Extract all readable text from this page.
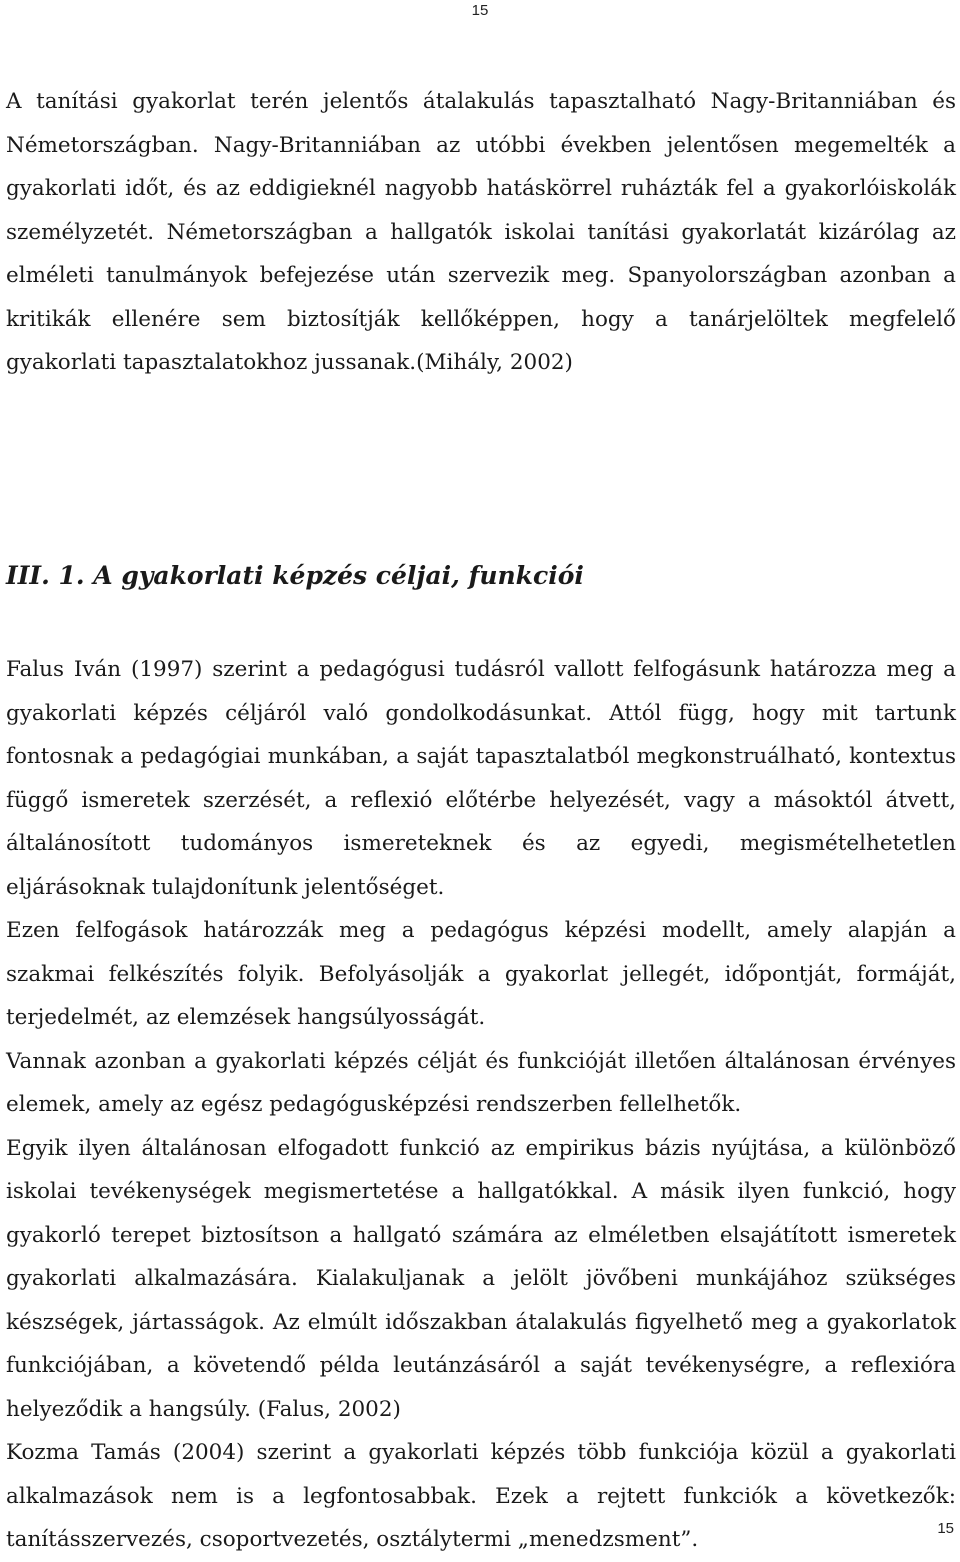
15

A tanítási gyakorlat terén jelentős átalakulás tapasztalható Nagy-Britanniában és Németországban. Nagy-Britanniában az utóbbi években jelentősen megemelték a gyakorlati időt, és az eddigieknél nagyobb hatáskörrel ruházták fel a gyakorlóiskolák személyzetét. Németországban a hallgatók iskolai tanítási gyakorlatát kizárólag az elméleti tanulmányok befejezése után szervezik meg. Spanyolországban azonban a kritikák ellenére sem biztosítják kellőképpen, hogy a tanárjelöltek megfelelő gyakorlati tapasztalatokhoz jussanak.(Mihály, 2002)

III. 1. A gyakorlati képzés céljai, funkciói

Falus Iván (1997) szerint a pedagógusi tudásról vallott felfogásunk határozza meg a gyakorlati képzés céljáról való gondolkodásunkat. Attól függ, hogy mit tartunk fontosnak a pedagógiai munkában, a saját tapasztalatból megkonstruálható, kontextus függő ismeretek szerzését, a reflexió előtérbe helyezését, vagy a másoktól átvett, általánosított tudományos ismereteknek és az egyedi, megismételhetetlen eljárásoknak tulajdonítunk jelentőséget.

Ezen felfogások határozzák meg a pedagógus képzési modellt, amely alapján a szakmai felkészítés folyik. Befolyásolják a gyakorlat jellegét, időpontját, formáját, terjedelmét, az elemzések hangsúlyosságát.

Vannak azonban a gyakorlati képzés célját és funkcióját illetően általánosan érvényes elemek, amely az egész pedagógusképzési rendszerben fellelhetők.

Egyik ilyen általánosan elfogadott funkció az empirikus bázis nyújtása, a különböző iskolai tevékenységek megismertetése a hallgatókkal. A másik ilyen funkció, hogy gyakorló terepet biztosítson a hallgató számára az elméletben elsajátított ismeretek gyakorlati alkalmazására. Kialakuljanak a jelölt jövőbeni munkájához szükséges készségek, jártasságok. Az elmúlt időszakban átalakulás figyelhető meg a gyakorlatok funkciójában, a követendő példa leutánzásáról a saját tevékenységre, a reflexióra helyeződik a hangsúly. (Falus, 2002)

Kozma Tamás (2004) szerint a gyakorlati képzés több funkciója közül a gyakorlati alkalmazások nem is a legfontosabbak. Ezek a rejtett funkciók a következők: tanításszervezés, csoportvezetés, osztálytermi „menedzsment”.	15
